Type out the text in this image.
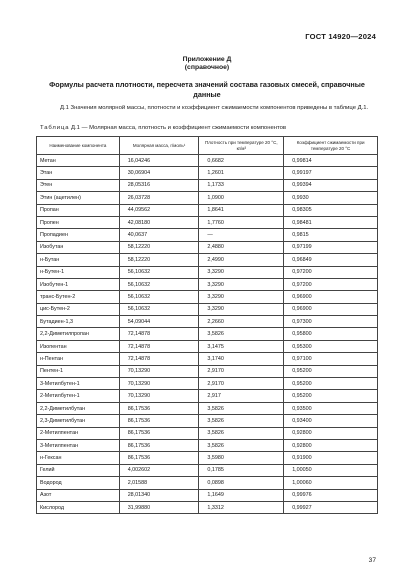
ГОСТ 14920—2024
Приложение Д
(справочное)
Формулы расчета плотности, пересчета значений состава газовых смесей, справочные данные

Д.1 Значения молярной массы, плотности и коэффициент сжимаемости компонентов приведены в таблице Д.1.

Таблица Д.1 — Молярная масса, плотность и коэффициент сжимаемости компонентов
Наименование компонента	Молярная масса, г/моль¹	Плотность при температуре 20 °С, кг/м³	Коэффициент сжимаемости при температуре 20 °С
Метан	16,04246	0,6682	0,99814
Этан	30,06904	1,2601	0,99197
Этен	28,05316	1,1733	0,99394
Этин (ацетилен)	26,03728	1,0900	0,9930
Пропан	44,09562	1,8641	0,98305
Пропен	42,08180	1,7760	0,98481
Пропадиен	40,0637	—	0,9815
Изобутан	58,12220	2,4880	0,97199
н-Бутан	58,12220	2,4990	0,96849
н-Бутен-1	56,10632	3,3290	0,97200
Изобутен-1	56,10632	3,3290	0,97200
транс-Бутен-2	56,10632	3,3290	0,96900
цис-Бутен-2	56,10632	3,3290	0,96900
Бутадиен-1,3	54,09044	2,2660	0,97300
2,2-Диметилпропан	72,14878	3,5826	0,95800
Изопентан	72,14878	3,1475	0,95300
н-Пентан	72,14878	3,1740	0,97100
Пентен-1	70,13290	2,9170	0,95200
3-Метилбутен-1	70,13290	2,9170	0,95200
2-Метилбутен-1	70,13290	2,917	0,95200
2,2-Диметилбутан	86,17536	3,5826	0,93500
2,3-Диметилбутан	86,17536	3,5826	0,93400
2-Метилпентан	86,17536	3,5826	0,92800
3-Метилпентан	86,17536	3,5826	0,92800
н-Гексан	86,17536	3,5980	0,91900
Гелий	4,002602	0,1785	1,00050
Водород	2,01588	0,0898	1,00060
Азот	28,01340	1,1649	0,99976
Кислород	31,99880	1,3312	0,99927
37
